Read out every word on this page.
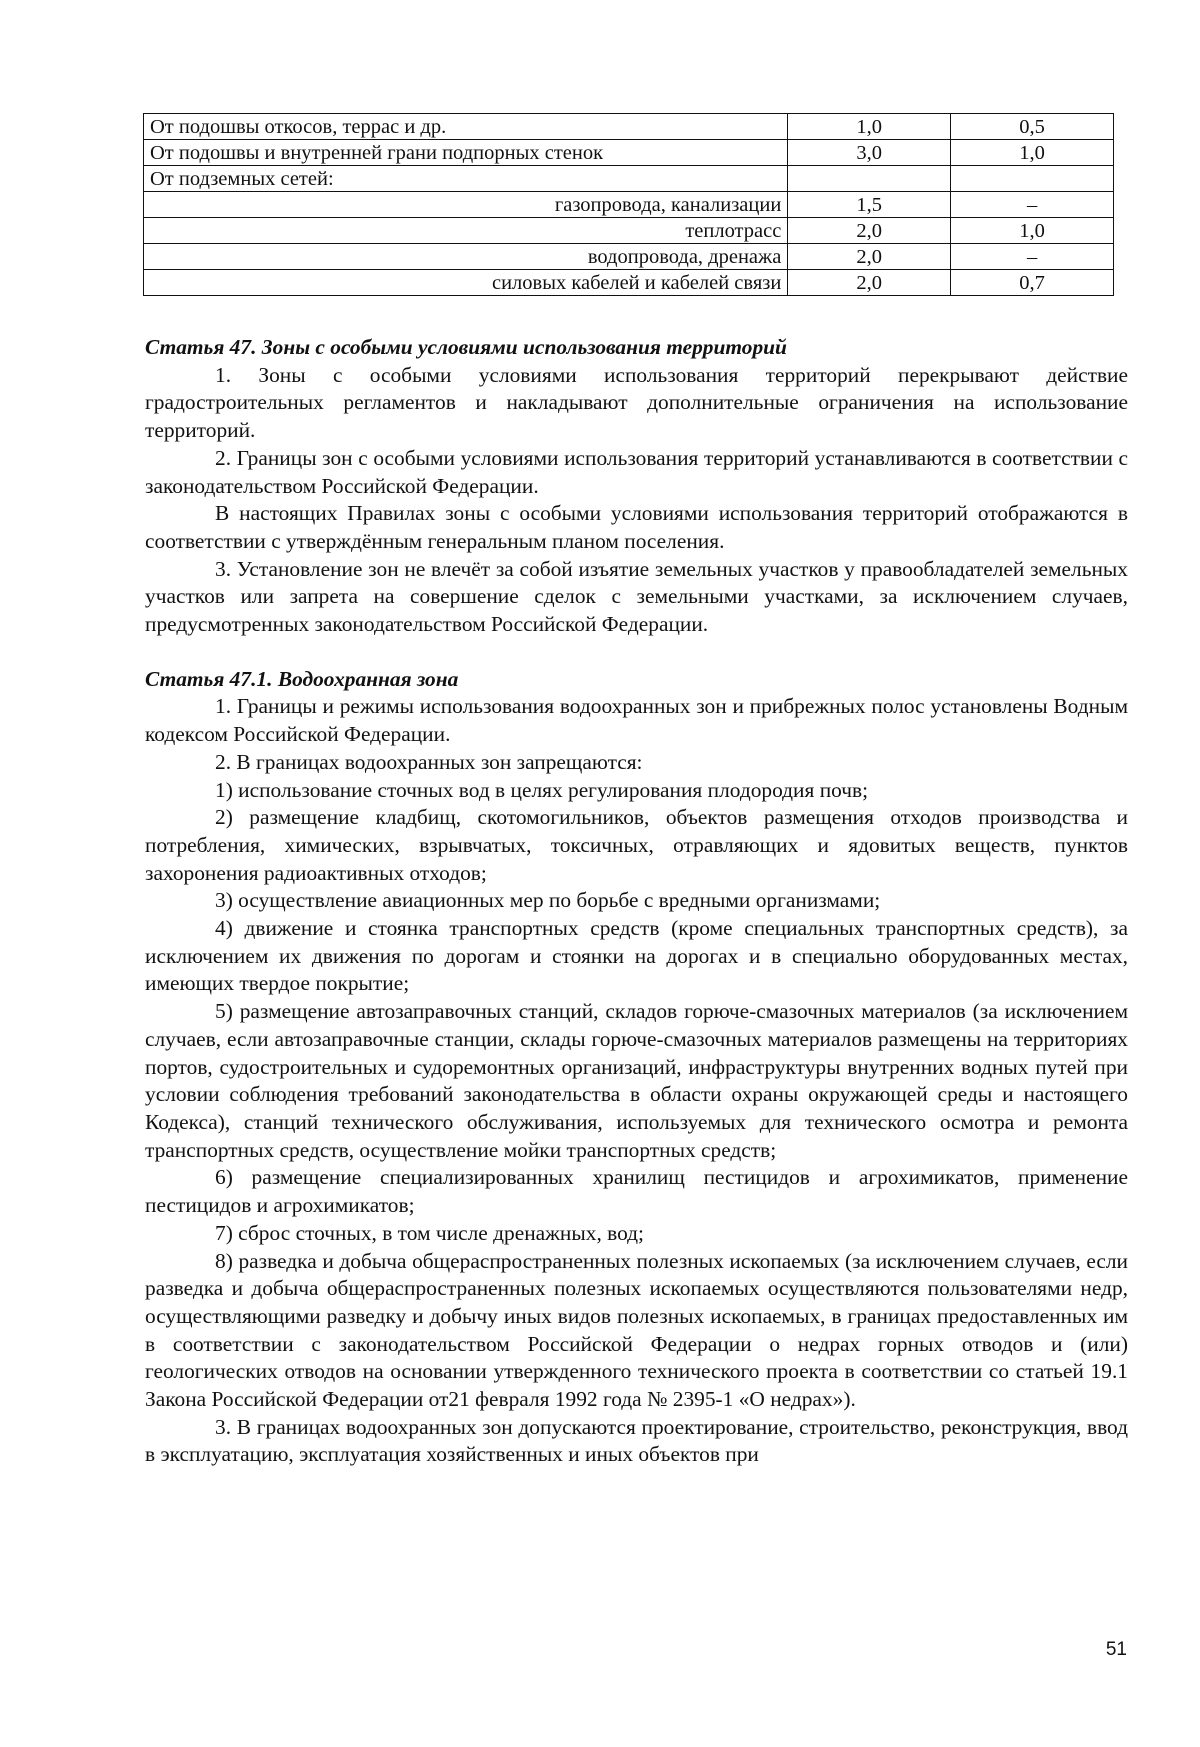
От подошвы откосов, террас и др.	1,0	0,5
От подошвы и внутренней грани подпорных стенок	3,0	1,0
От подземных сетей:		
газопровода, канализации	1,5	–
теплотрасс	2,0	1,0
водопровода, дренажа	2,0	–
силовых кабелей и кабелей связи	2,0	0,7
Статья 47. Зоны с особыми условиями использования территорий

1. Зоны с особыми условиями использования территорий перекрывают действие градостроительных регламентов и накладывают дополнительные ограничения на использование территорий.

2. Границы зон с особыми условиями использования территорий устанавливаются в соответствии с законодательством Российской Федерации.

В настоящих Правилах зоны с особыми условиями использования территорий отображаются в соответствии с утверждённым генеральным планом поселения.

3. Установление зон не влечёт за собой изъятие земельных участков у правообладателей земельных участков или запрета на совершение сделок с земельными участками, за исключением случаев, предусмотренных законодательством Российской Федерации.

Статья 47.1. Водоохранная зона

1. Границы и режимы использования водоохранных зон и прибрежных полос установлены Водным кодексом Российской Федерации.

2. В границах водоохранных зон запрещаются:

1) использование сточных вод в целях регулирования плодородия почв;

2) размещение кладбищ, скотомогильников, объектов размещения отходов производства и потребления, химических, взрывчатых, токсичных, отравляющих и ядовитых веществ, пунктов захоронения радиоактивных отходов;

3) осуществление авиационных мер по борьбе с вредными организмами;

4) движение и стоянка транспортных средств (кроме специальных транспортных средств), за исключением их движения по дорогам и стоянки на дорогах и в специально оборудованных местах, имеющих твердое покрытие;

5) размещение автозаправочных станций, складов горюче-смазочных материалов (за исключением случаев, если автозаправочные станции, склады горюче-смазочных материалов размещены на территориях портов, судостроительных и судоремонтных организаций, инфраструктуры внутренних водных путей при условии соблюдения требований законодательства в области охраны окружающей среды и настоящего Кодекса), станций технического обслуживания, используемых для технического осмотра и ремонта транспортных средств, осуществление мойки транспортных средств;

6) размещение специализированных хранилищ пестицидов и агрохимикатов, применение пестицидов и агрохимикатов;

7) сброс сточных, в том числе дренажных, вод;

8) разведка и добыча общераспространенных полезных ископаемых (за исключением случаев, если разведка и добыча общераспространенных полезных ископаемых осуществляются пользователями недр, осуществляющими разведку и добычу иных видов полезных ископаемых, в границах предоставленных им в соответствии с законодательством Российской Федерации о недрах горных отводов и (или) геологических отводов на основании утвержденного технического проекта в соответствии со статьей 19.1 Закона Российской Федерации от21 февраля 1992 года № 2395-1 «О недрах»).

3. В границах водоохранных зон допускаются проектирование, строительство, реконструкция, ввод в эксплуатацию, эксплуатация хозяйственных и иных объектов при

51
